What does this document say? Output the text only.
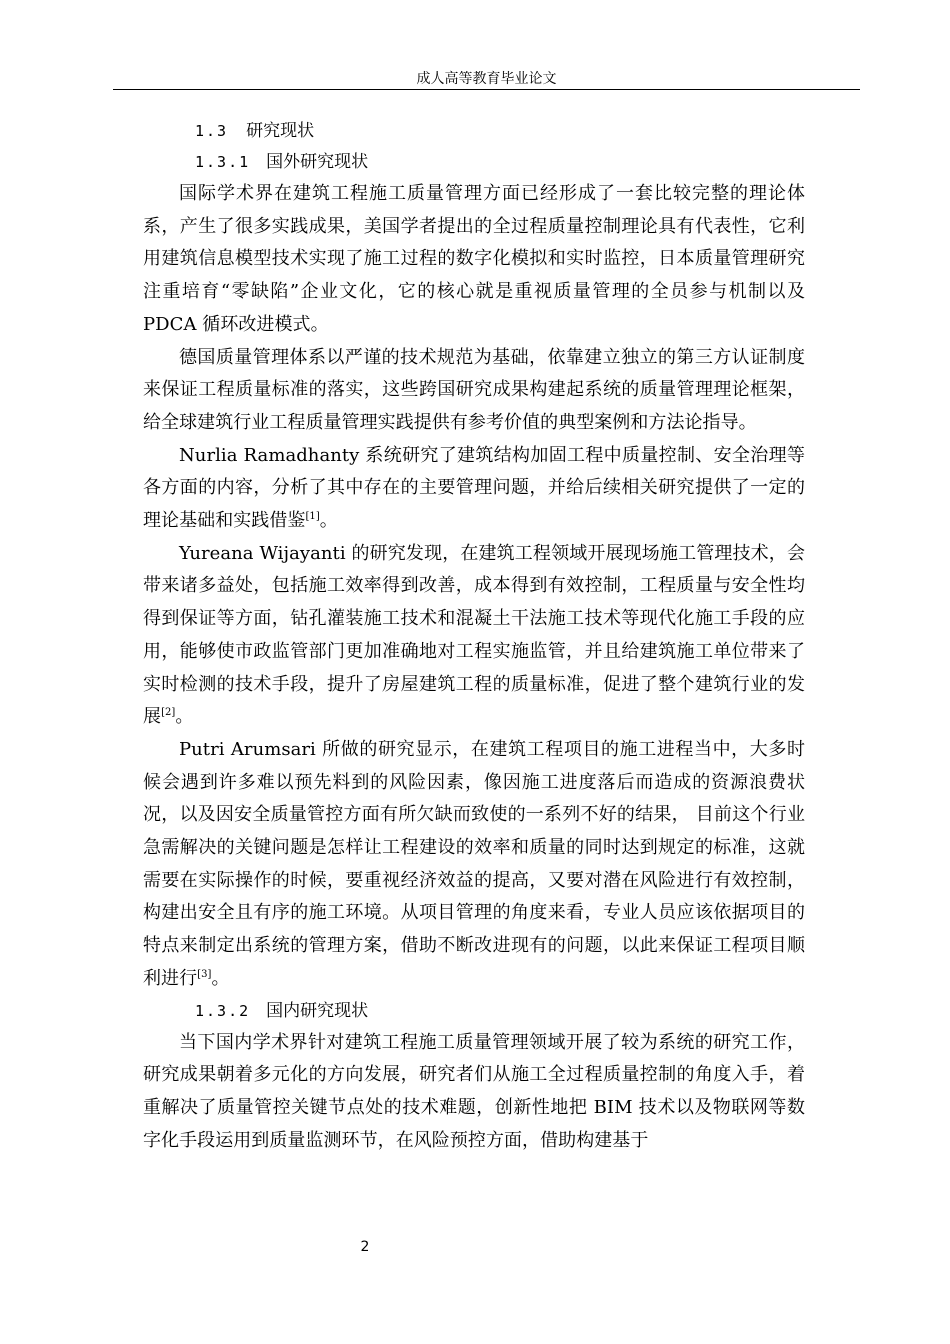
成人高等教育毕业论文
1.3 研究现状
1.3.1 国外研究现状

国际学术界在建筑工程施工质量管理方面已经形成了一套比较完整的理论体系，产生了很多实践成果，美国学者提出的全过程质量控制理论具有代表性，它利用建筑信息模型技术实现了施工过程的数字化模拟和实时监控，日本质量管理研究注重培育“零缺陷”企业文化，它的核心就是重视质量管理的全员参与机制以及 PDCA 循环改进模式。

德国质量管理体系以严谨的技术规范为基础，依靠建立独立的第三方认证制度来保证工程质量标准的落实，这些跨国研究成果构建起系统的质量管理理论框架，给全球建筑行业工程质量管理实践提供有参考价值的典型案例和方法论指导。

Nurlia Ramadhanty 系统研究了建筑结构加固工程中质量控制、安全治理等各方面的内容，分析了其中存在的主要管理问题，并给后续相关研究提供了一定的理论基础和实践借鉴[1]。

Yureana Wijayanti 的研究发现，在建筑工程领域开展现场施工管理技术，会带来诸多益处，包括施工效率得到改善，成本得到有效控制，工程质量与安全性均得到保证等方面，钻孔灌装施工技术和混凝土干法施工技术等现代化施工手段的应用，能够使市政监管部门更加准确地对工程实施监管，并且给建筑施工单位带来了实时检测的技术手段，提升了房屋建筑工程的质量标准，促进了整个建筑行业的发展[2]。

Putri Arumsari 所做的研究显示，在建筑工程项目的施工进程当中，大多时候会遇到许多难以预先料到的风险因素，像因施工进度落后而造成的资源浪费状况，以及因安全质量管控方面有所欠缺而致使的一系列不好的结果， 目前这个行业急需解决的关键问题是怎样让工程建设的效率和质量的同时达到规定的标准，这就需要在实际操作的时候，要重视经济效益的提高，又要对潜在风险进行有效控制，构建出安全且有序的施工环境。从项目管理的角度来看，专业人员应该依据项目的特点来制定出系统的管理方案，借助不断改进现有的问题，以此来保证工程项目顺利进行[3]。

1.3.2 国内研究现状

当下国内学术界针对建筑工程施工质量管理领域开展了较为系统的研究工作，研究成果朝着多元化的方向发展，研究者们从施工全过程质量控制的角度入手，着重解决了质量管控关键节点处的技术难题，创新性地把 BIM 技术以及物联网等数字化手段运用到质量监测环节，在风险预控方面，借助构建基于

2
